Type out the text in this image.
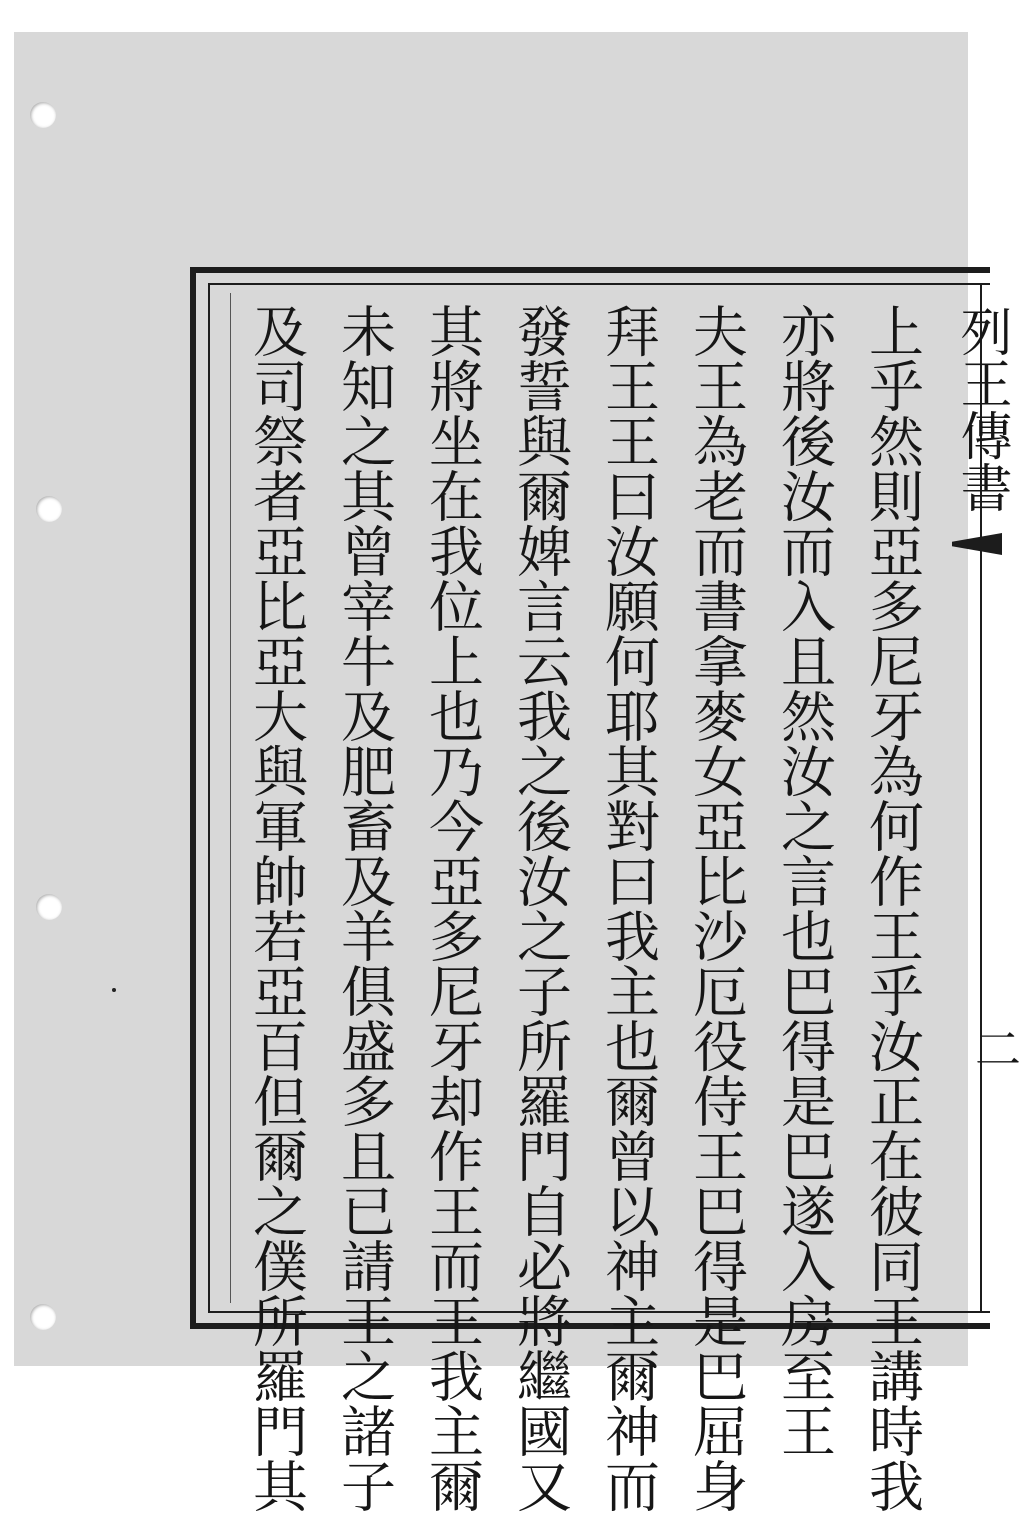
上乎然則亞多尼牙為何作王乎汝正在彼同王講時我
亦將後汝而入且然汝之言也巴得是巴遂入房至王
夫王為老而書拿麥女亞比沙厄役侍王巴得是巴屈身
拜王王曰汝願何耶其對曰我主也爾曾以神主爾神而
發誓與爾婢言云我之後汝之子所羅門自必將繼國又
其將坐在我位上也乃今亞多尼牙却作王而王我主爾
未知之其曾宰牛及肥畜及羊俱盛多且已請王之諸子
及司祭者亞比亞大與軍帥若亞百但爾之僕所羅門其	列王傳書
二
